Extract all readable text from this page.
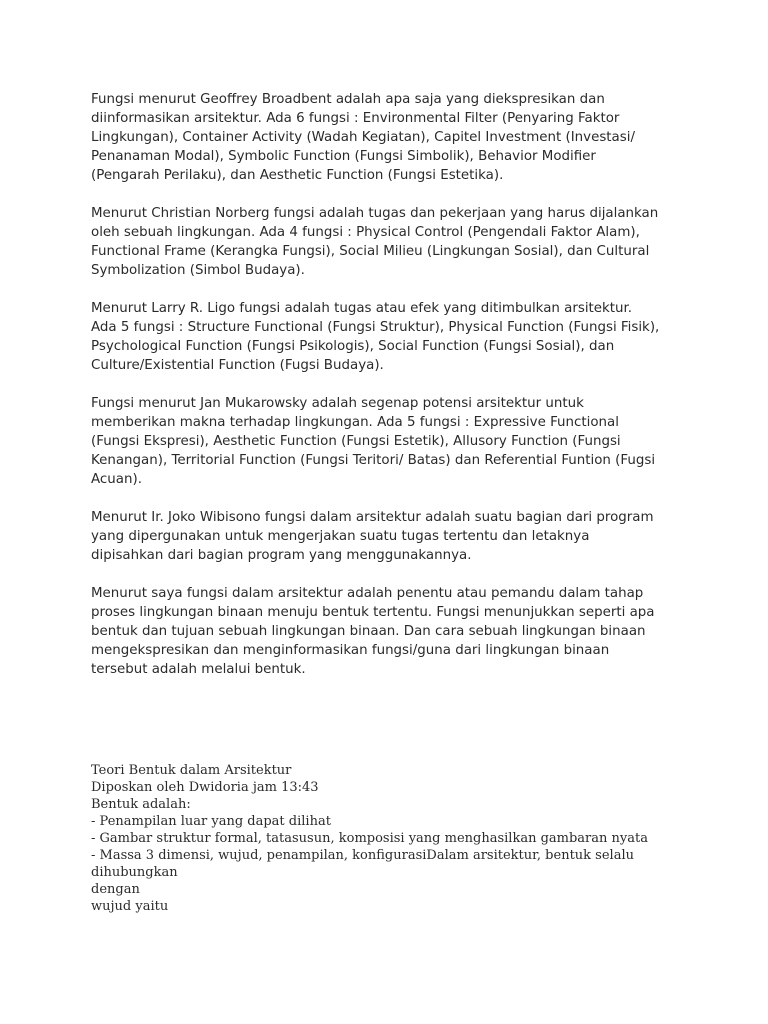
Fungsi menurut Geoffrey Broadbent adalah apa saja yang diekspresikan dan
diinformasikan arsitektur. Ada 6 fungsi : Environmental Filter (Penyaring Faktor
Lingkungan), Container Activity (Wadah Kegiatan), Capitel Investment (Investasi/
Penanaman Modal), Symbolic Function (Fungsi Simbolik), Behavior Modifier
(Pengarah Perilaku), dan Aesthetic Function (Fungsi Estetika).

Menurut Christian Norberg fungsi adalah tugas dan pekerjaan yang harus dijalankan
oleh sebuah lingkungan. Ada 4 fungsi : Physical Control (Pengendali Faktor Alam),
Functional Frame (Kerangka Fungsi), Social Milieu (Lingkungan Sosial), dan Cultural
Symbolization (Simbol Budaya).

Menurut Larry R. Ligo fungsi adalah tugas atau efek yang ditimbulkan arsitektur.
Ada 5 fungsi : Structure Functional (Fungsi Struktur), Physical Function (Fungsi Fisik),
Psychological Function (Fungsi Psikologis), Social Function (Fungsi Sosial), dan
Culture/Existential Function (Fugsi Budaya).

Fungsi menurut Jan Mukarowsky adalah segenap potensi arsitektur untuk
memberikan makna terhadap lingkungan. Ada 5 fungsi : Expressive Functional
(Fungsi Ekspresi), Aesthetic Function (Fungsi Estetik), Allusory Function (Fungsi
Kenangan), Territorial Function (Fungsi Teritori/ Batas) dan Referential Funtion (Fugsi
Acuan).

Menurut Ir. Joko Wibisono fungsi dalam arsitektur adalah suatu bagian dari program
yang dipergunakan untuk mengerjakan suatu tugas tertentu dan letaknya
dipisahkan dari bagian program yang menggunakannya.

Menurut saya fungsi dalam arsitektur adalah penentu atau pemandu dalam tahap
proses lingkungan binaan menuju bentuk tertentu. Fungsi menunjukkan seperti apa
bentuk dan tujuan sebuah lingkungan binaan. Dan cara sebuah lingkungan binaan
mengekspresikan dan menginformasikan fungsi/guna dari lingkungan binaan
tersebut adalah melalui bentuk.

Teori Bentuk dalam Arsitektur
Diposkan oleh Dwidoria jam 13:43
Bentuk adalah:
- Penampilan luar yang dapat dilihat
- Gambar struktur formal, tatasusun, komposisi yang menghasilkan gambaran nyata
- Massa 3 dimensi, wujud, penampilan, konfigurasiDalam arsitektur, bentuk selalu dihubungkan
dengan
wujud yaitu
